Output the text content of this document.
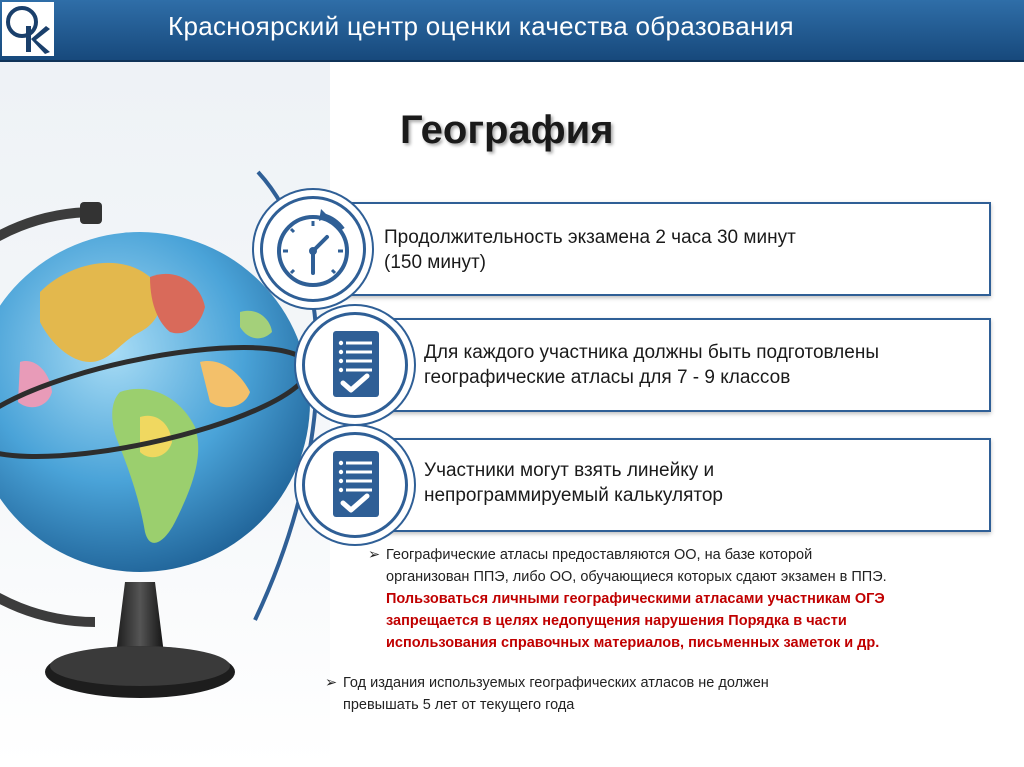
Красноярский центр оценки качества образования
География
Продолжительность экзамена 2 часа 30 минут
(150 минут)
Для каждого участника должны быть подготовлены
географические атласы для 7 - 9 классов
Участники могут взять линейку и
непрограммируемый калькулятор
➢ Географические атласы предоставляются ОО, на базе которой
организован ППЭ, либо ОО, обучающиеся которых сдают экзамен в ППЭ.
Пользоваться личными географическими атласами участникам ОГЭ
запрещается в целях недопущения нарушения Порядка в части
использования справочных материалов, письменных заметок и др.
➢ Год издания используемых географических атласов не должен
превышать 5 лет от текущего года
